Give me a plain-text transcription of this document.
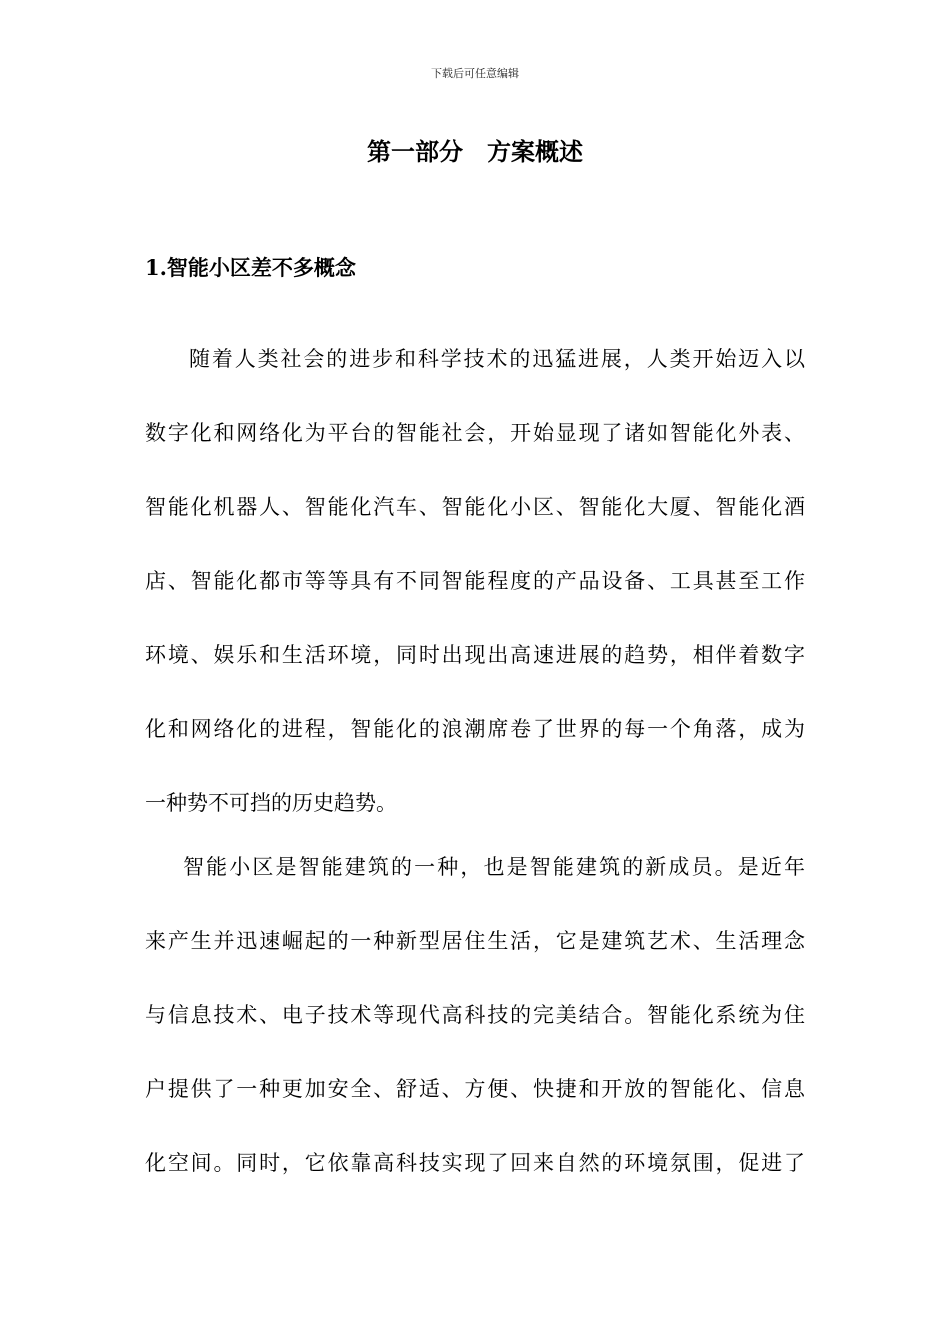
下载后可任意编辑
第一部分　方案概述
1.智能小区差不多概念
随着人类社会的进步和科学技术的迅猛进展，人类开始迈入以
数字化和网络化为平台的智能社会，开始显现了诸如智能化外表、
智能化机器人、智能化汽车、智能化小区、智能化大厦、智能化酒
店、智能化都市等等具有不同智能程度的产品设备、工具甚至工作
环境、娱乐和生活环境，同时出现出高速进展的趋势，相伴着数字
化和网络化的进程，智能化的浪潮席卷了世界的每一个角落，成为
一种势不可挡的历史趋势。
智能小区是智能建筑的一种，也是智能建筑的新成员。是近年
来产生并迅速崛起的一种新型居住生活，它是建筑艺术、生活理念
与信息技术、电子技术等现代高科技的完美结合。智能化系统为住
户提供了一种更加安全、舒适、方便、快捷和开放的智能化、信息
化空间。同时，它依靠高科技实现了回来自然的环境氛围，促进了
